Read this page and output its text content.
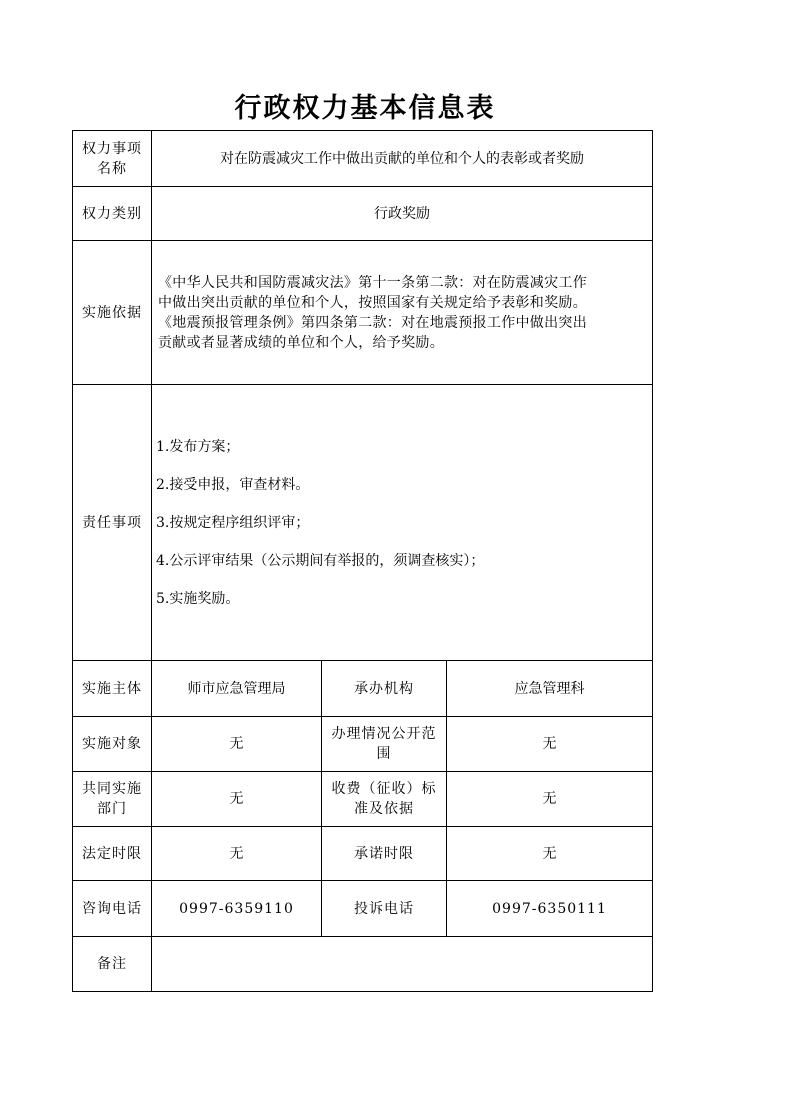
行政权力基本信息表
权力事项名称	对在防震减灾工作中做出贡献的单位和个人的表彰或者奖励		
权力类别	行政奖励		
实施依据	《中华人民共和国防震减灾法》第十一条第二款：对在防震减灾工作
中做出突出贡献的单位和个人，按照国家有关规定给予表彰和奖励。
《地震预报管理条例》第四条第二款：对在地震预报工作中做出突出
贡献或者显著成绩的单位和个人，给予奖励。		

责任事项	1.发布方案；

2.接受申报，审查材料。

3.按规定程序组织评审；

4.公示评审结果（公示期间有举报的，须调查核实）；

5.实施奖励。		

实施主体	师市应急管理局	承办机构	应急管理科
实施对象	无	办理情况公开范围	无

共同实施部门	无	收费（征收）标准及依据	无
法定时限	无	承诺时限	无
咨询电话	0997-6359110	投诉电话	0997-6350111
备注			
